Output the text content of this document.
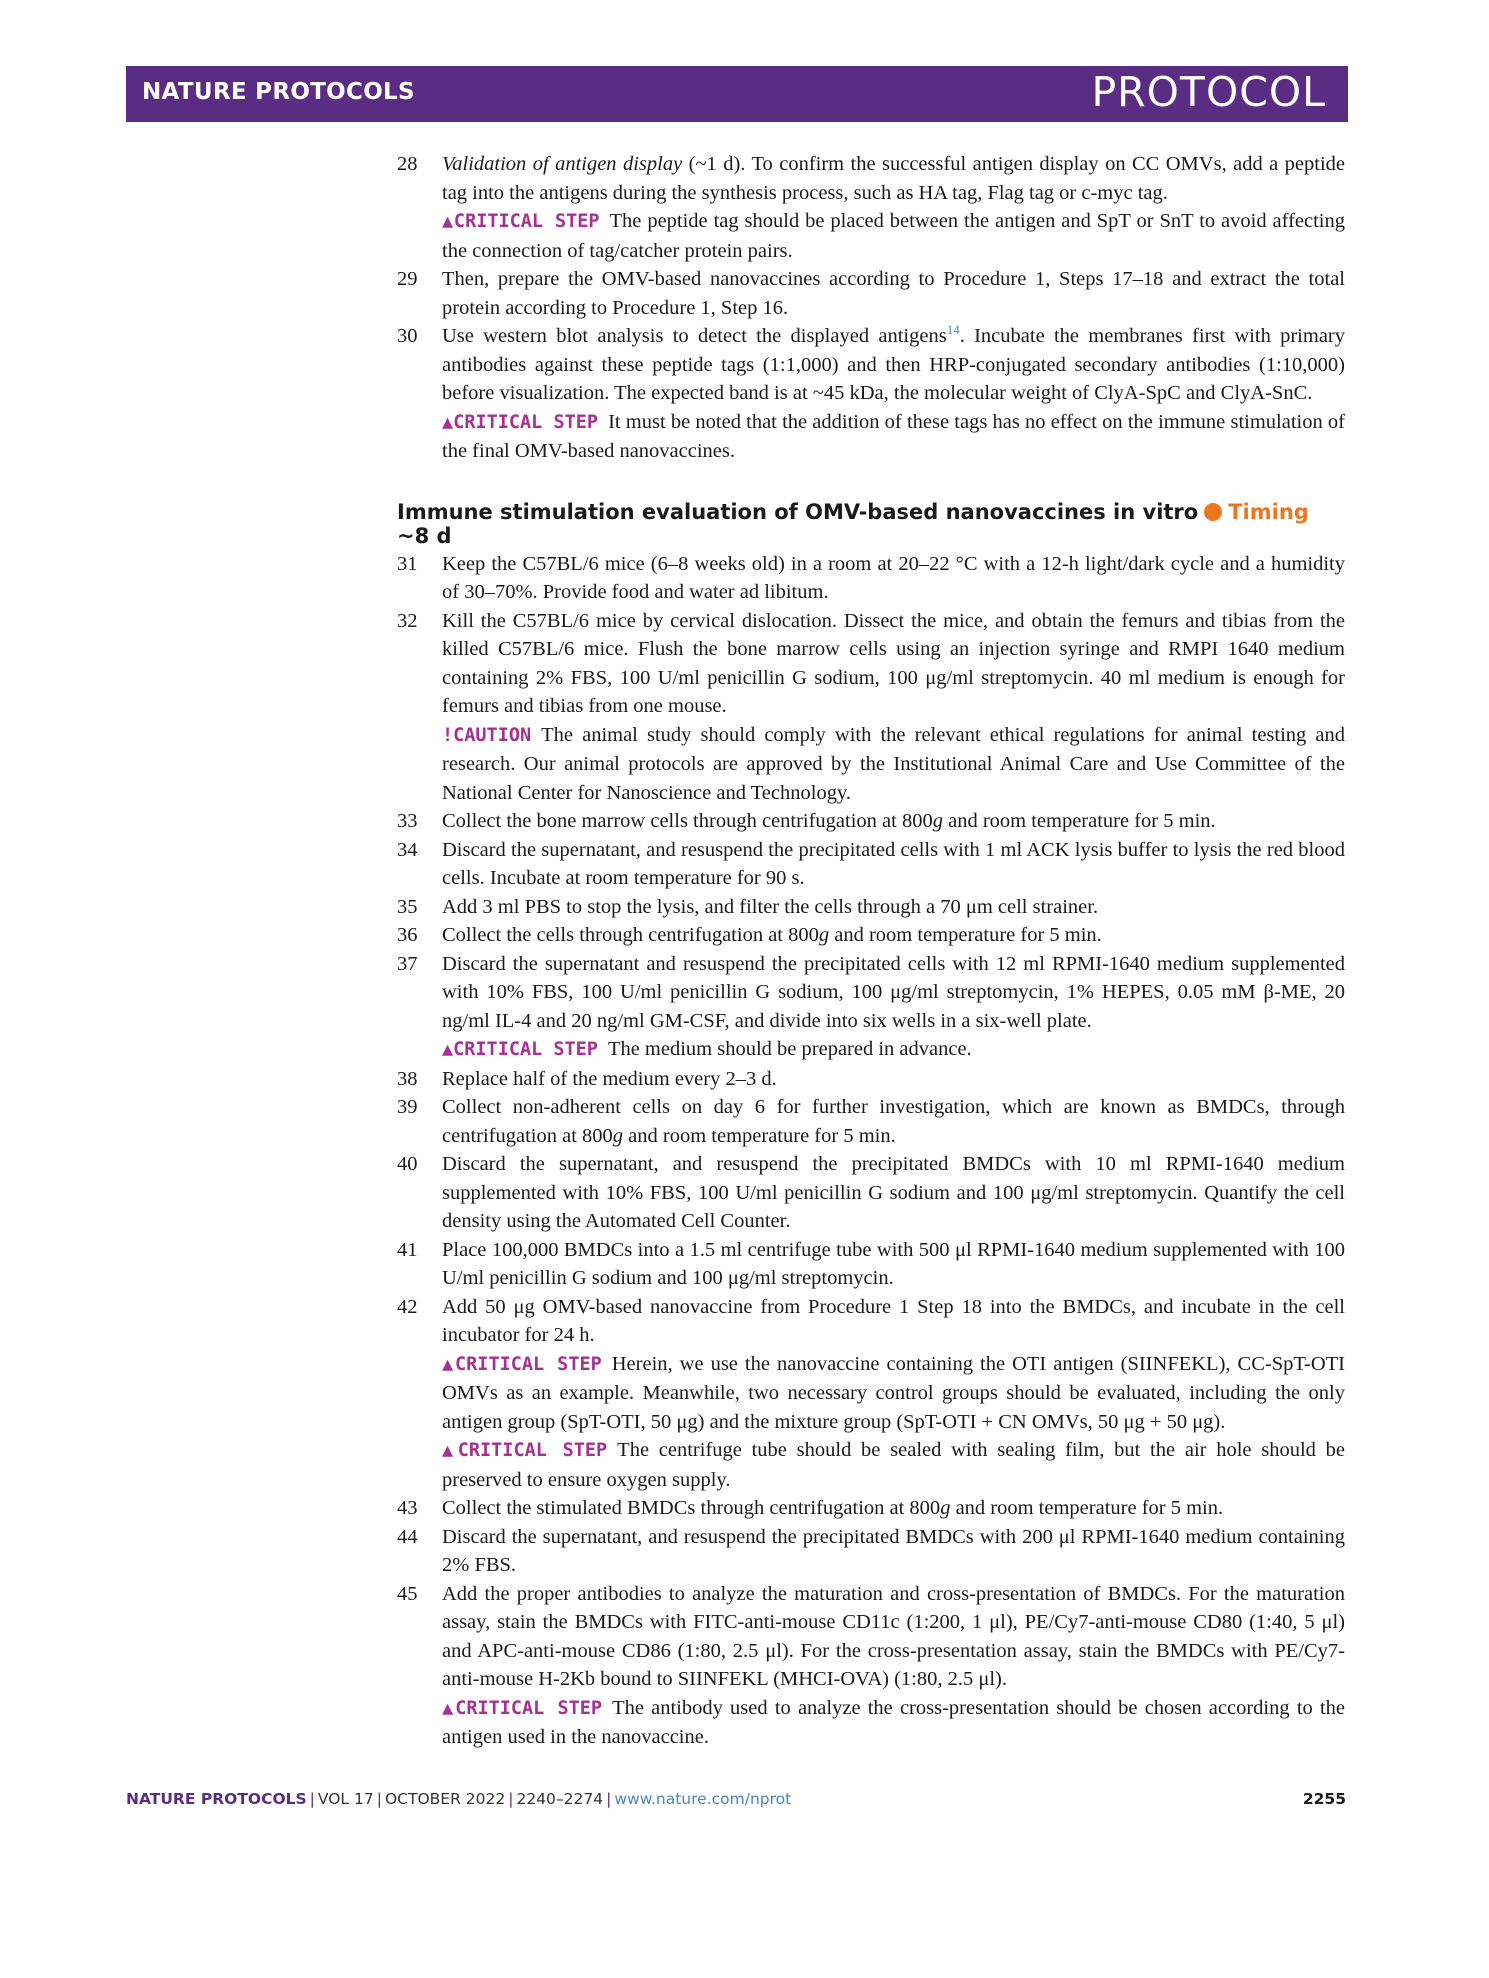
NATURE PROTOCOLS	PROTOCOL
28	Validation of antigen display (~1 d). To confirm the successful antigen display on CC OMVs, add a peptide tag into the antigens during the synthesis process, such as HA tag, Flag tag or c-myc tag.
▲CRITICAL STEP The peptide tag should be placed between the antigen and SpT or SnT to avoid affecting the connection of tag/catcher protein pairs.
29	Then, prepare the OMV-based nanovaccines according to Procedure 1, Steps 17–18 and extract the total protein according to Procedure 1, Step 16.
30	Use western blot analysis to detect the displayed antigens$^{14}$. Incubate the membranes first with primary antibodies against these peptide tags (1:1,000) and then HRP-conjugated secondary antibodies (1:10,000) before visualization. The expected band is at ~45 kDa, the molecular weight of ClyA-SpC and ClyA-SnC.
▲CRITICAL STEP It must be noted that the addition of these tags has no effect on the immune stimulation of the final OMV-based nanovaccines.
Immune stimulation evaluation of OMV-based nanovaccines in vitro Timing ~8 d
31	Keep the C57BL/6 mice (6–8 weeks old) in a room at 20–22 °C with a 12-h light/dark cycle and a humidity of 30–70%. Provide food and water ad libitum.
32	Kill the C57BL/6 mice by cervical dislocation. Dissect the mice, and obtain the femurs and tibias from the killed C57BL/6 mice. Flush the bone marrow cells using an injection syringe and RMPI 1640 medium containing 2% FBS, 100 U/ml penicillin G sodium, 100 μg/ml streptomycin. 40 ml medium is enough for femurs and tibias from one mouse.
!CAUTION The animal study should comply with the relevant ethical regulations for animal testing and research. Our animal protocols are approved by the Institutional Animal Care and Use Committee of the National Center for Nanoscience and Technology.
33	Collect the bone marrow cells through centrifugation at 800g and room temperature for 5 min.
34	Discard the supernatant, and resuspend the precipitated cells with 1 ml ACK lysis buffer to lysis the red blood cells. Incubate at room temperature for 90 s.
35	Add 3 ml PBS to stop the lysis, and filter the cells through a 70 μm cell strainer.
36	Collect the cells through centrifugation at 800g and room temperature for 5 min.
37	Discard the supernatant and resuspend the precipitated cells with 12 ml RPMI-1640 medium supplemented with 10% FBS, 100 U/ml penicillin G sodium, 100 μg/ml streptomycin, 1% HEPES, 0.05 mM β-ME, 20 ng/ml IL-4 and 20 ng/ml GM-CSF, and divide into six wells in a six-well plate.
▲CRITICAL STEP The medium should be prepared in advance.
38	Replace half of the medium every 2–3 d.
39	Collect non-adherent cells on day 6 for further investigation, which are known as BMDCs, through centrifugation at 800g and room temperature for 5 min.
40	Discard the supernatant, and resuspend the precipitated BMDCs with 10 ml RPMI-1640 medium supplemented with 10% FBS, 100 U/ml penicillin G sodium and 100 μg/ml streptomycin. Quantify the cell density using the Automated Cell Counter.
41	Place 100,000 BMDCs into a 1.5 ml centrifuge tube with 500 μl RPMI-1640 medium supplemented with 100 U/ml penicillin G sodium and 100 μg/ml streptomycin.
42	Add 50 μg OMV-based nanovaccine from Procedure 1 Step 18 into the BMDCs, and incubate in the cell incubator for 24 h.
▲CRITICAL STEP Herein, we use the nanovaccine containing the OTI antigen (SIINFEKL), CC-SpT-OTI OMVs as an example. Meanwhile, two necessary control groups should be evaluated, including the only antigen group (SpT-OTI, 50 μg) and the mixture group (SpT-OTI + CN OMVs, 50 μg + 50 μg).
▲CRITICAL STEP The centrifuge tube should be sealed with sealing film, but the air hole should be preserved to ensure oxygen supply.
43	Collect the stimulated BMDCs through centrifugation at 800g and room temperature for 5 min.
44	Discard the supernatant, and resuspend the precipitated BMDCs with 200 μl RPMI-1640 medium containing 2% FBS.
45	Add the proper antibodies to analyze the maturation and cross-presentation of BMDCs. For the maturation assay, stain the BMDCs with FITC-anti-mouse CD11c (1:200, 1 μl), PE/Cy7-anti-mouse CD80 (1:40, 5 μl) and APC-anti-mouse CD86 (1:80, 2.5 μl). For the cross-presentation assay, stain the BMDCs with PE/Cy7-anti-mouse H-2Kb bound to SIINFEKL (MHCI-OVA) (1:80, 2.5 μl).
▲CRITICAL STEP The antibody used to analyze the cross-presentation should be chosen according to the antigen used in the nanovaccine.
NATURE PROTOCOLS | VOL 17 | OCTOBER 2022 | 2240–2274 | www.nature.com/nprot	2255
